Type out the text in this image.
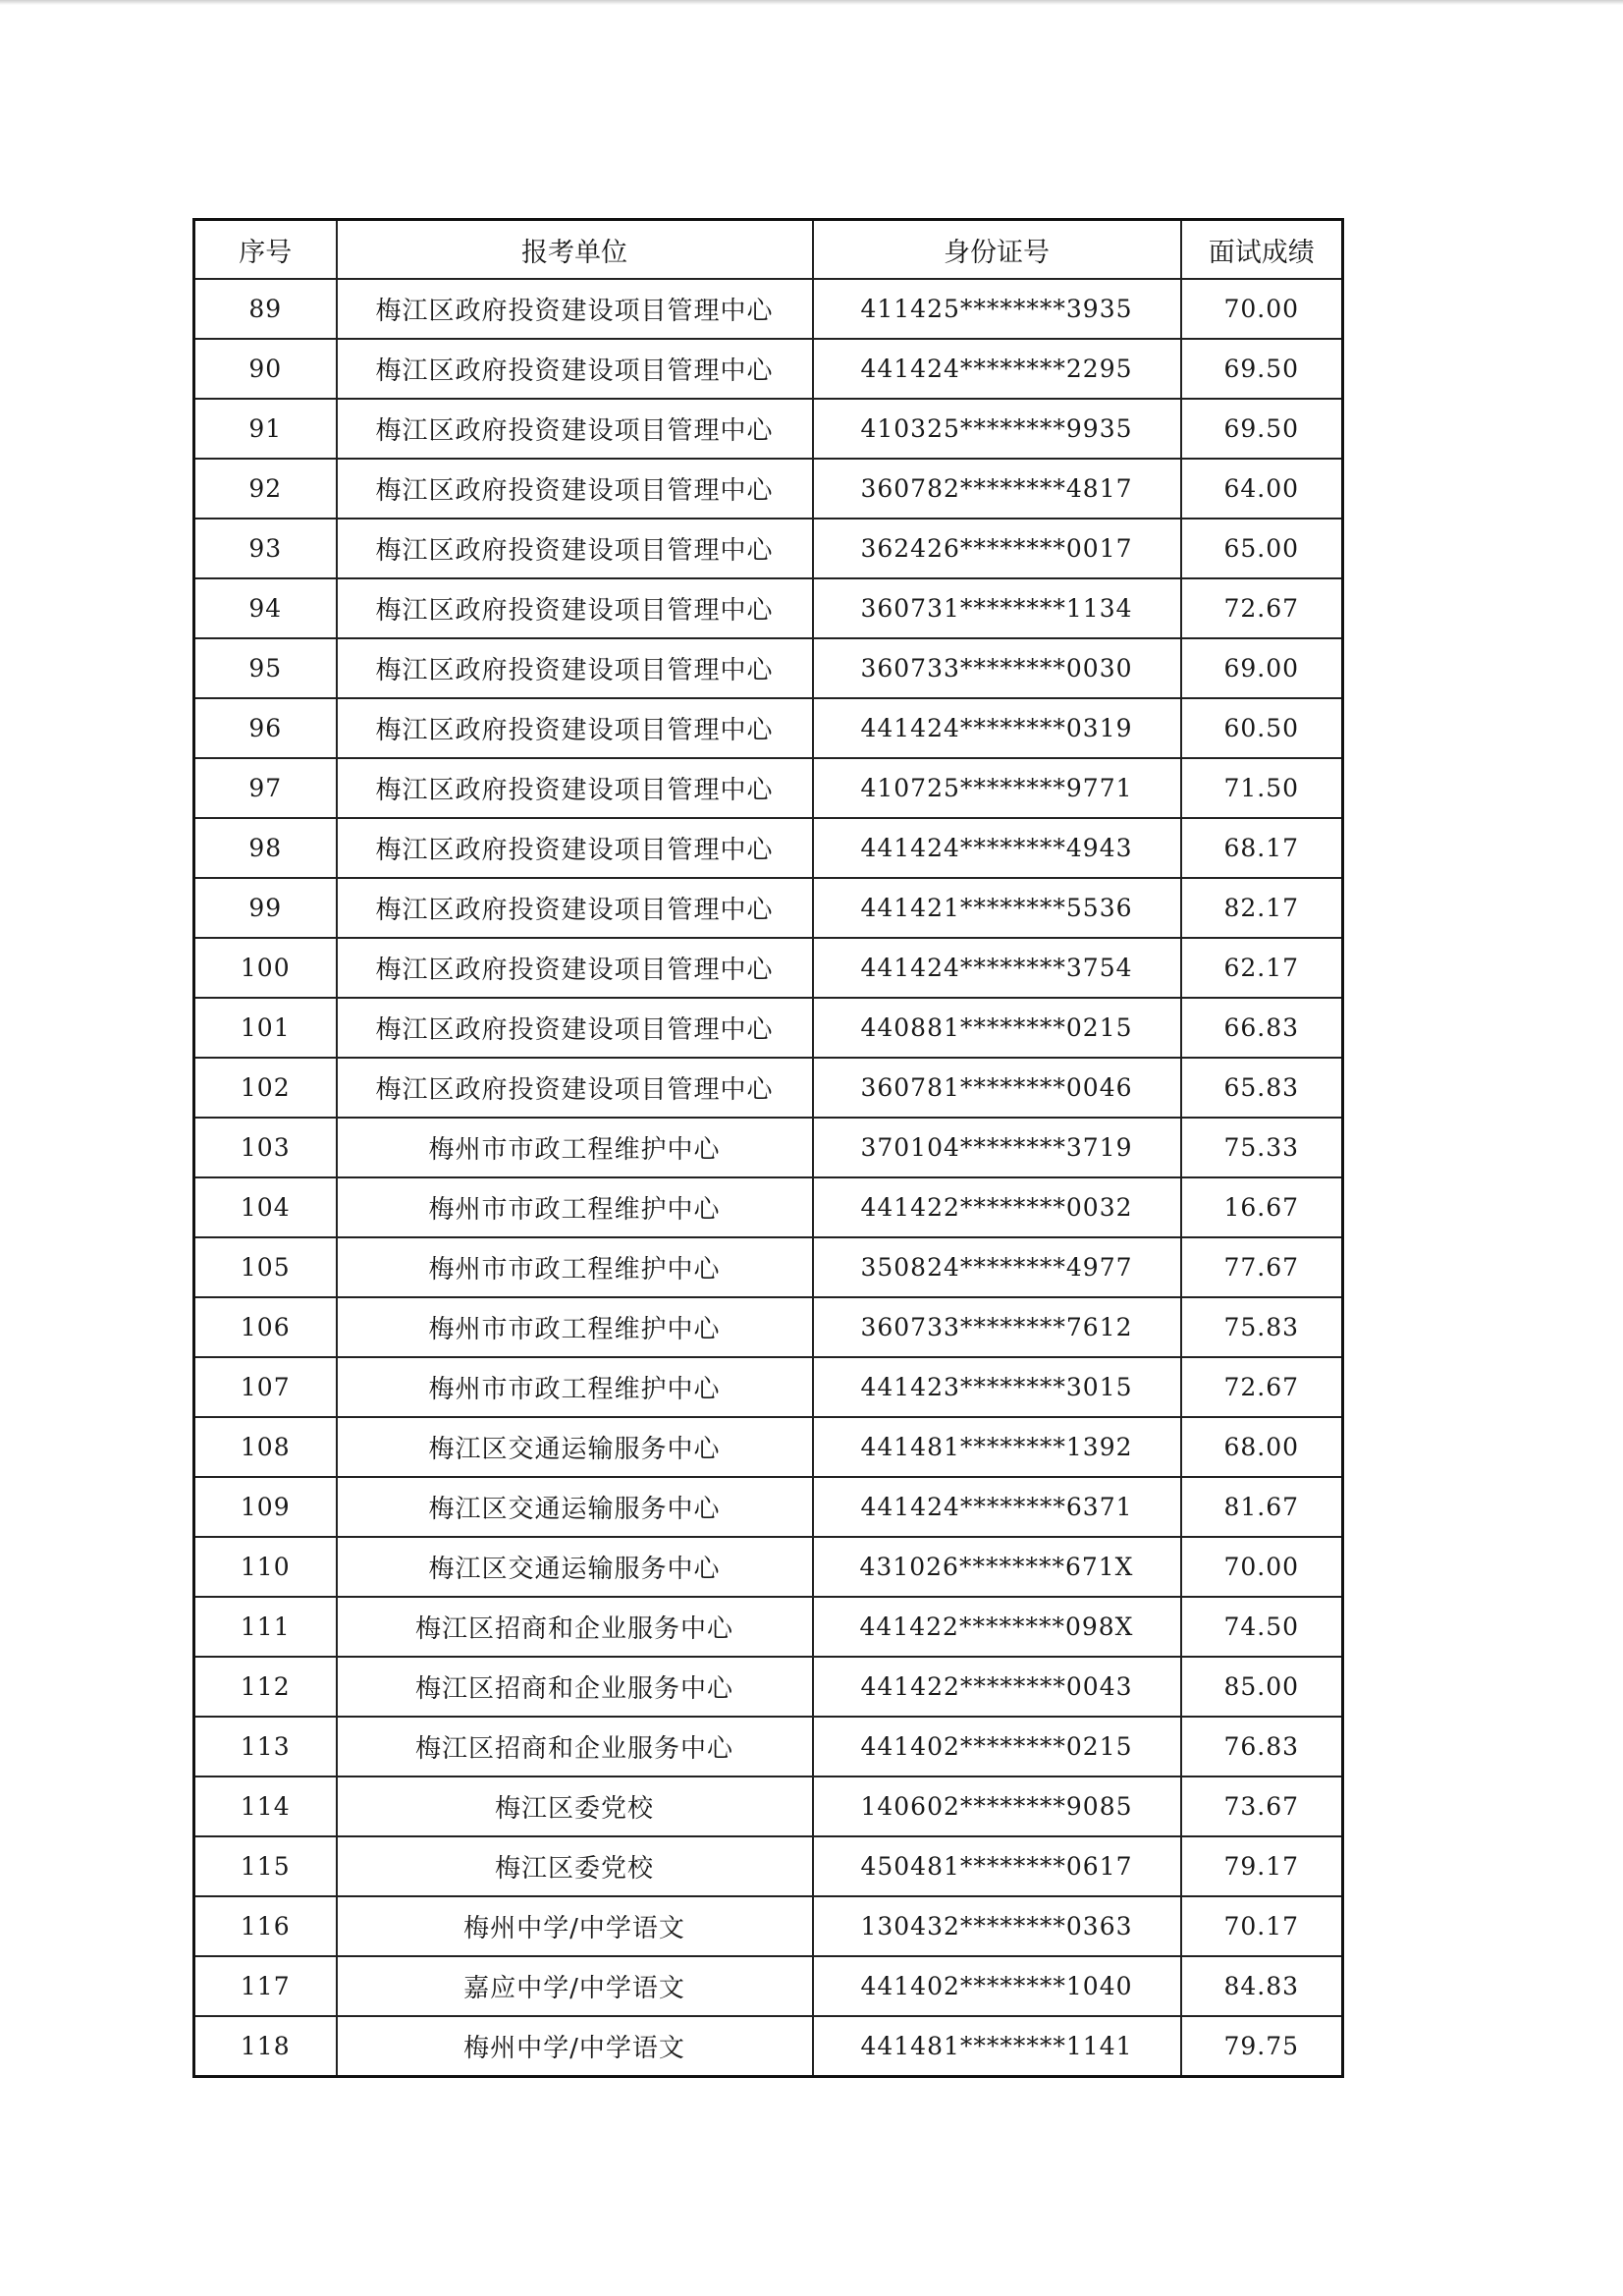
序号	报考单位	身份证号	面试成绩
89	梅江区政府投资建设项目管理中心	411425********3935	70.00
90	梅江区政府投资建设项目管理中心	441424********2295	69.50
91	梅江区政府投资建设项目管理中心	410325********9935	69.50
92	梅江区政府投资建设项目管理中心	360782********4817	64.00
93	梅江区政府投资建设项目管理中心	362426********0017	65.00
94	梅江区政府投资建设项目管理中心	360731********1134	72.67
95	梅江区政府投资建设项目管理中心	360733********0030	69.00
96	梅江区政府投资建设项目管理中心	441424********0319	60.50
97	梅江区政府投资建设项目管理中心	410725********9771	71.50
98	梅江区政府投资建设项目管理中心	441424********4943	68.17
99	梅江区政府投资建设项目管理中心	441421********5536	82.17
100	梅江区政府投资建设项目管理中心	441424********3754	62.17
101	梅江区政府投资建设项目管理中心	440881********0215	66.83
102	梅江区政府投资建设项目管理中心	360781********0046	65.83
103	梅州市市政工程维护中心	370104********3719	75.33
104	梅州市市政工程维护中心	441422********0032	16.67
105	梅州市市政工程维护中心	350824********4977	77.67
106	梅州市市政工程维护中心	360733********7612	75.83
107	梅州市市政工程维护中心	441423********3015	72.67
108	梅江区交通运输服务中心	441481********1392	68.00
109	梅江区交通运输服务中心	441424********6371	81.67
110	梅江区交通运输服务中心	431026********671X	70.00
111	梅江区招商和企业服务中心	441422********098X	74.50
112	梅江区招商和企业服务中心	441422********0043	85.00
113	梅江区招商和企业服务中心	441402********0215	76.83
114	梅江区委党校	140602********9085	73.67
115	梅江区委党校	450481********0617	79.17
116	梅州中学/中学语文	130432********0363	70.17
117	嘉应中学/中学语文	441402********1040	84.83
118	梅州中学/中学语文	441481********1141	79.75
